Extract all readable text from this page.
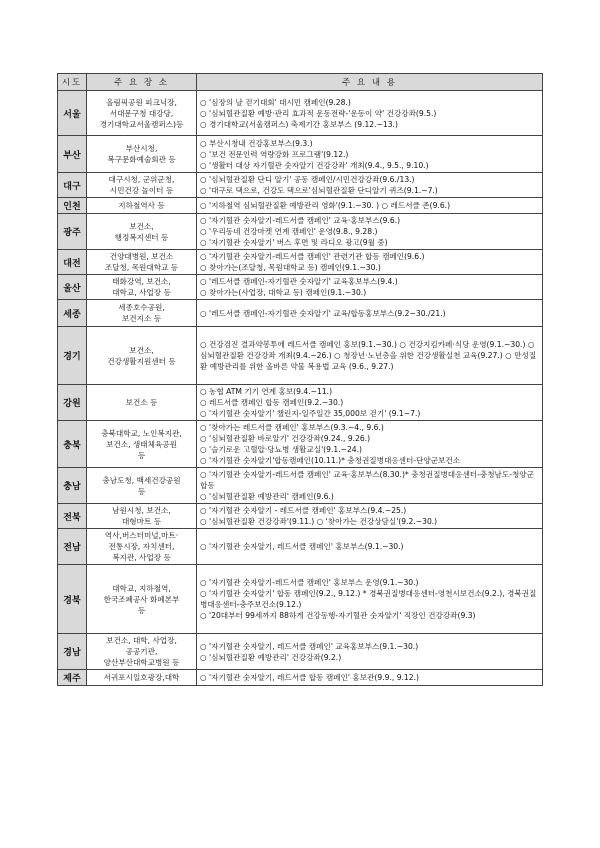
시도	주 요 장 소	주 요 내 용
서울	올림픽공원 피크닉장,
서대문구청 대강당,
경기대학교서울캠퍼스)등	○ '심장의 날 걷기대회' 대시민 캠페인(9.28.)
○ '심뇌혈관질환 예방·관리 효과적 운동전략-'운동이 약' 건강강좌(9.5.)
○ 경기대학교(서울캠퍼스) 축제기간 홍보부스 (9.12.~13.)

부산	부산시청,
복구문화예술회관 등	○ 부산시청내 건강홍보부스(9.3.)
○ '보건 전문인력 역량강화 프로그램'(9.12.)
○ '생활터 대상 자기혈관 숫자알기 건강강좌' 개최(9.4., 9.5., 9.10.)

대구	대구시청, 군위군청,
시민건강 놀이터 등	○ '심뇌혈관질환 단디 알기' 공동 캠페인/시민건강강좌(9.6./13.)
○ '대구로 댁으로, 건강도 댁으로'심뇌혈관질환 단디알기 퀴즈(9.1.~7.)

인천	지하철역사 등	○ '지하철역 심뇌혈관질환 예방관리 영화'(9.1.~30. ) ○ 레드서클 존(9.6.)

광주	보건소,
행정복지센터 등	○ '자기혈관 숫자알기-레드서클 캠페인' 교육·홍보부스(9.6.)
○ '우리동네 건강마켓 연계 캠페인' 운영(9.8., 9.28.)
○ '자기혈관 숫자알기' 버스 후면 및 라디오 광고(9월 중)

대전	건양대병원, 보건소
조달청, 목원대학교 등	○ '자기혈관 숫자알기-레드서클 캠페인' 관련기관 합동 캠페인(9.6.)
○ 찾아가는(조달청, 목원대학교 등) 캠페인(9.1.~30.)

울산	태화강역, 보건소,
대학교, 사업장 등	○ '레드서클 캠페인-자기혈관 숫자알기' 교육홍보부스(9.4.)
○ 찾아가는(사업장, 대학교 등) 캠페인(9.1.~30.)

세종	세종호수공원,
보건지소 등	○ '레드서클 캠페인-자기혈관 숫자알기' 교육/합동홍보부스(9.2~30./21.)

경기	보건소,
건강생활지원센터 등	○ 건강검진 결과약봉투에 레드서클 캠페인 홍보(9.1.~30.) ○ 건강지킴카페·식당 운영(9.1.~30.) ○ 심뇌혈관질환 건강강좌 개최(9.4.~26.) ○ 청장년·노년층을 위한 건강생활실천 교육(9.27.) ○ 만성질환 예방관리를 위한 올바른 약물 복용법 교육 (9.6., 9.27.)

강원	보건소 등	○ 농협 ATM 기기 연계 홍보(9.4.~11.)
○ 레드서클 캠페인 합동 캠페인(9.2.~30.)
○ '자기혈관 숫자알기' 챌린지-일주일간 35,000보 걷기' (9.1~7.)

충북	충북대학교, 노인복지관,
보건소, 생태체육공원
등	○ '찾아가는 레드서클 캠페인' 홍보부스(9.3.~4., 9.6.)
○ '심뇌혈관질환 바로알기' 건강강좌(9.24., 9.26.)
○ '슬기로운 고혈압·당뇨병 생활교실'(9.1.~24.)
○ '자기혈관 숫자알기'합동캠페인(10.11.)* 충청권질병대응센터-단양군보건소

충남	충남도청, 백세건강공원
등	○ '자기혈관 숫자알기-레드서클 캠페인' 교육·홍보부스(8.30.)* 충청권질병대응센터-충청남도-청양군 합동
○ '심뇌혈관질환 예방관리' 캠페인(9.6.)

전북	남원시청, 보건소,
대형마트 등	○ '자기혈관 숫자알기 - 레드서클 캠페인' 홍보부스(9.4.~25.)
○ '심뇌혈관질환 건강강좌'(9.11.) ○ '찾아가는 건강상담실'(9.2.~30.)

전남	역사,버스터미널,마트·
전통시장, 자치센터,
복지관, 사업장 등	○ '자기혈관 숫자알기, 레드서클 캠페인' 홍보부스(9.1.~30.)

경북	대학교, 지하철역,
한국조폐공사 화폐본부
등	○ '자기혈관 숫자알기-레드서클 캠페인' 홍보부스 운영(9.1.~30.)
○ '자기혈관 숫자알기' 합동 캠페인(9.2., 9.12.) * 경북권질병대응센터-영천시보건소(9.2.), 경북권질병대응센터-충주보건소(9.12.)
○ '20대부터 99세까지 88하게 건강동행-자기혈관 숫자알기' 직장인 건강강좌(9.3)

경남	보건소, 대학, 사업장,
공공기관,
양산부산대학교병원 등	○ '자기혈관 숫자알기, 레드서클 캠페인' 교육홍보부스(9.1.~30.)
○ '심뇌혈관질환 예방관리' 건강강좌(9.2.)

제주	서귀포시일호광장,대학	○ '자기혈관 숫자알기, 레드서클 합동 캠페인' 홍보관(9.9., 9.12.)
